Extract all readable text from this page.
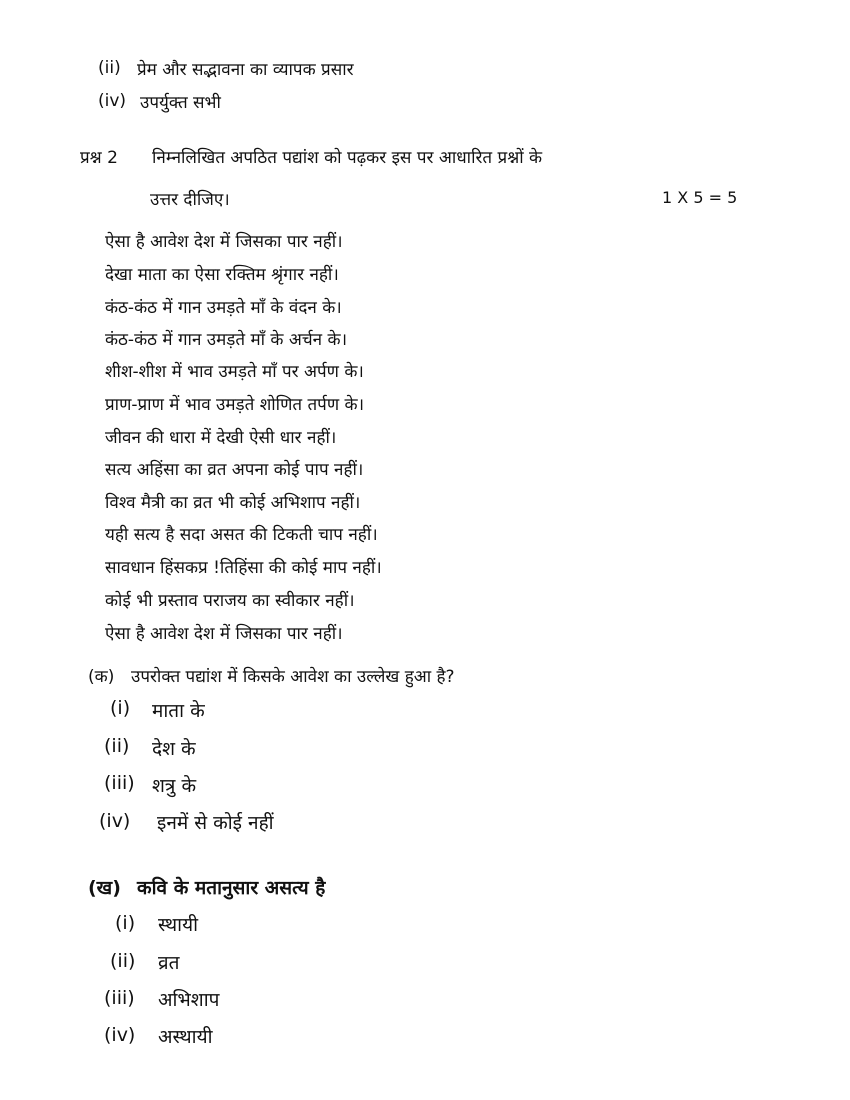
(ii) प्रेम और सद्भावना का व्यापक प्रसार
(iv) उपर्युक्त सभी
प्रश्न 2 निम्नलिखित अपठित पद्यांश को पढ़कर इस पर आधारित प्रश्नों के
उत्तर दीजिए।	1 X 5 = 5
ऐसा है आवेश देश में जिसका पार नहीं।
देखा माता का ऐसा रक्तिम श्रृंगार नहीं।
कंठ-कंठ में गान उमड़ते माँ के वंदन के।
कंठ-कंठ में गान उमड़ते माँ के अर्चन के।
शीश-शीश में भाव उमड़ते माँ पर अर्पण के।
प्राण-प्राण में भाव उमड़ते शोणित तर्पण के।
जीवन की धारा में देखी ऐसी धार नहीं।
सत्य अहिंसा का व्रत अपना कोई पाप नहीं।
विश्व मैत्री का व्रत भी कोई अभिशाप नहीं।
यही सत्य है सदा असत की टिकती चाप नहीं।
सावधान हिंसकप्र !तिहिंसा की कोई माप नहीं।
कोई भी प्रस्ताव पराजय का स्वीकार नहीं।
ऐसा है आवेश देश में जिसका पार नहीं।
(क) उपरोक्त पद्यांश में किसके आवेश का उल्लेख हुआ है?
(i) माता के
(ii) देश के
(iii) शत्रु के
(iv) इनमें से कोई नहीं
(ख) कवि के मतानुसार असत्य है
(i) स्थायी
(ii) व्रत
(iii) अभिशाप
(iv) अस्थायी
